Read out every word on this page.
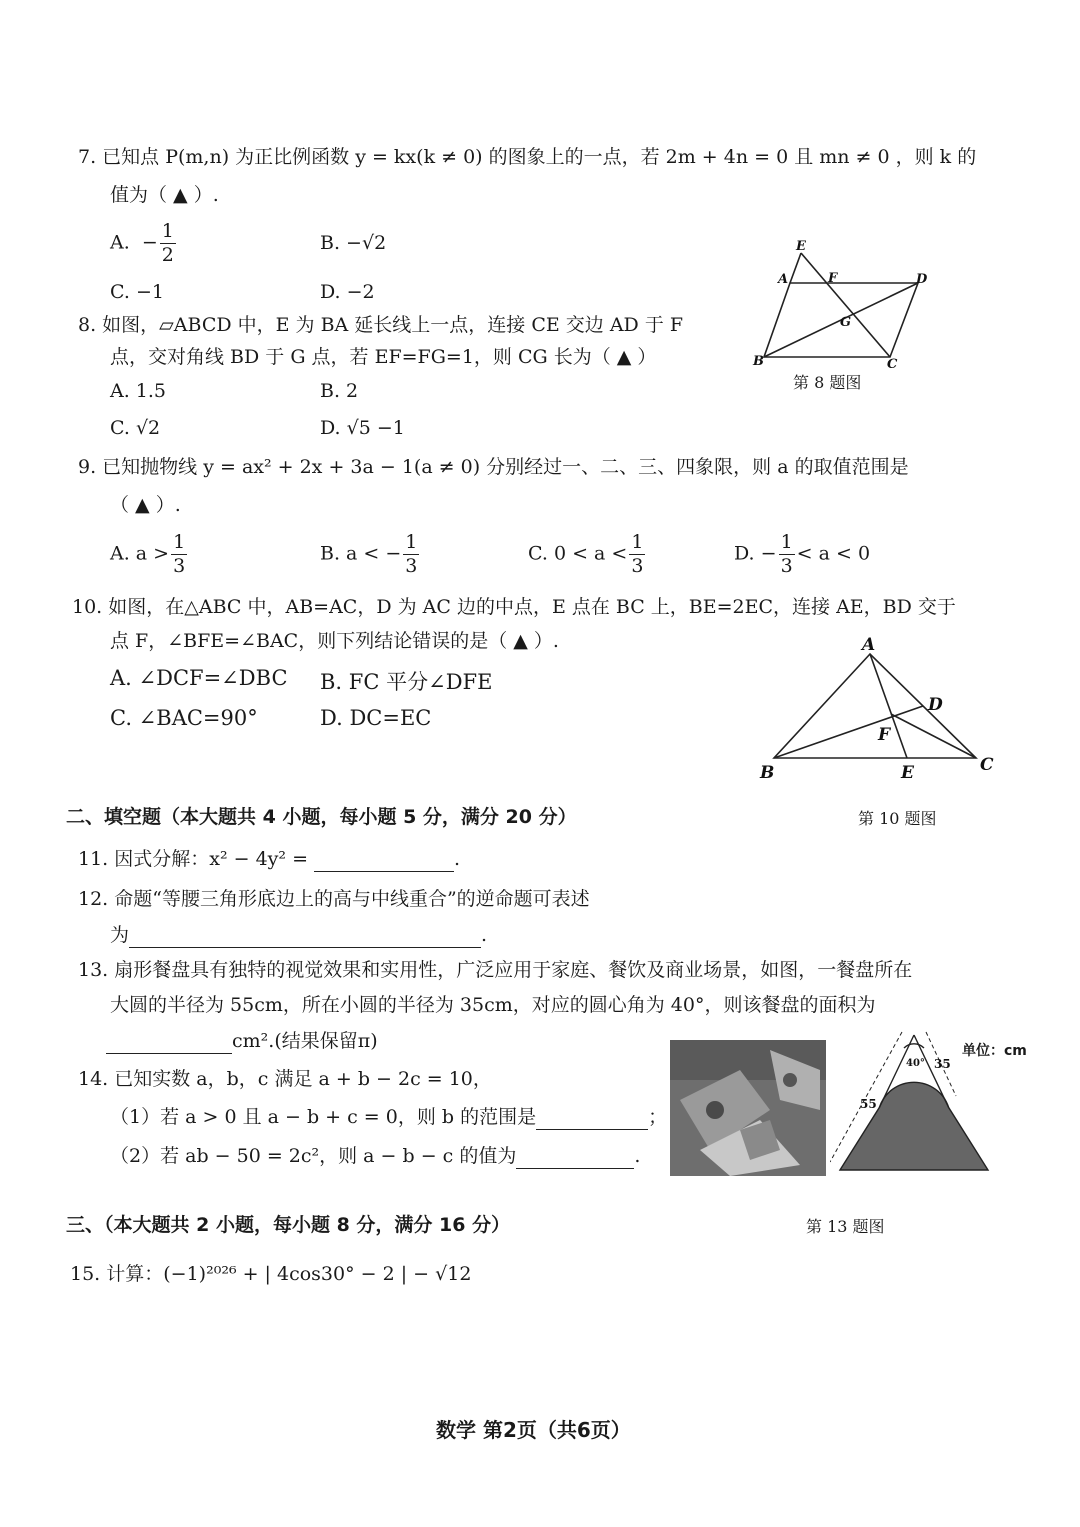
7. 已知点 P(m,n) 为正比例函数 y = kx(k ≠ 0) 的图象上的一点，若 2m + 4n = 0 且 mn ≠ 0 ，则 k 的
值为（ ▲ ）.
A.  − $\frac{1}{2}$	B. −√2
C. −1	D. −2
8. 如图，▱ABCD 中，E 为 BA 延长线上一点，连接 CE 交边 AD 于 F
点，交对角线 BD 于 G 点，若 EF=FG=1，则 CG 长为（ ▲ ）
A. 1.5	B. 2
C. √2	D. √5 −1
E
A	F	D
G
B	C
第 8 题图
9. 已知抛物线 y = ax² + 2x + 3a − 1(a ≠ 0) 分别经过一、二、三、四象限，则 a 的取值范围是
（ ▲ ）.
A. $a > \frac{1}{3}$	B. a < − $\frac{1}{3}$	C. $0 < a < \frac{1}{3}$	D. − $\frac{1}{3} < a < 0$
10. 如图，在△ABC 中，AB=AC，D 为 AC 边的中点，E 点在 BC 上，BE=2EC，连接 AE，BD 交于
点 F，∠BFE=∠BAC，则下列结论错误的是（ ▲ ）.
A. ∠DCF=∠DBC B. FC 平分∠DFE
C. ∠BAC=90°	D. DC=EC
A
D
F
B	E	C
第 10 题图
二、填空题（本大题共 4 小题，每小题 5 分，满分 20 分）
11. 因式分解：x² − 4y² =	.
12. 命题“等腰三角形底边上的高与中线重合”的逆命题可表述
为	.
13. 扇形餐盘具有独特的视觉效果和实用性，广泛应用于家庭、餐饮及商业场景，如图，一餐盘所在
大圆的半径为 55cm，所在小圆的半径为 35cm，对应的圆心角为 40°，则该餐盘的面积为
cm².(结果保留π)
40° 35
55
单位：cm
第 13 题图
14. 已知实数 a，b，c 满足 a + b − 2c = 10，
（1）若 a > 0 且 a − b + c = 0，则 b 的范围是	；
（2）若 ab − 50 = 2c²，则 a − b − c 的值为	.
三、（本大题共 2 小题，每小题 8 分，满分 16 分）
15. 计算：(−1)²⁰²⁶ + | 4cos30° − 2 | − √12
数学 第2页（共6页）
